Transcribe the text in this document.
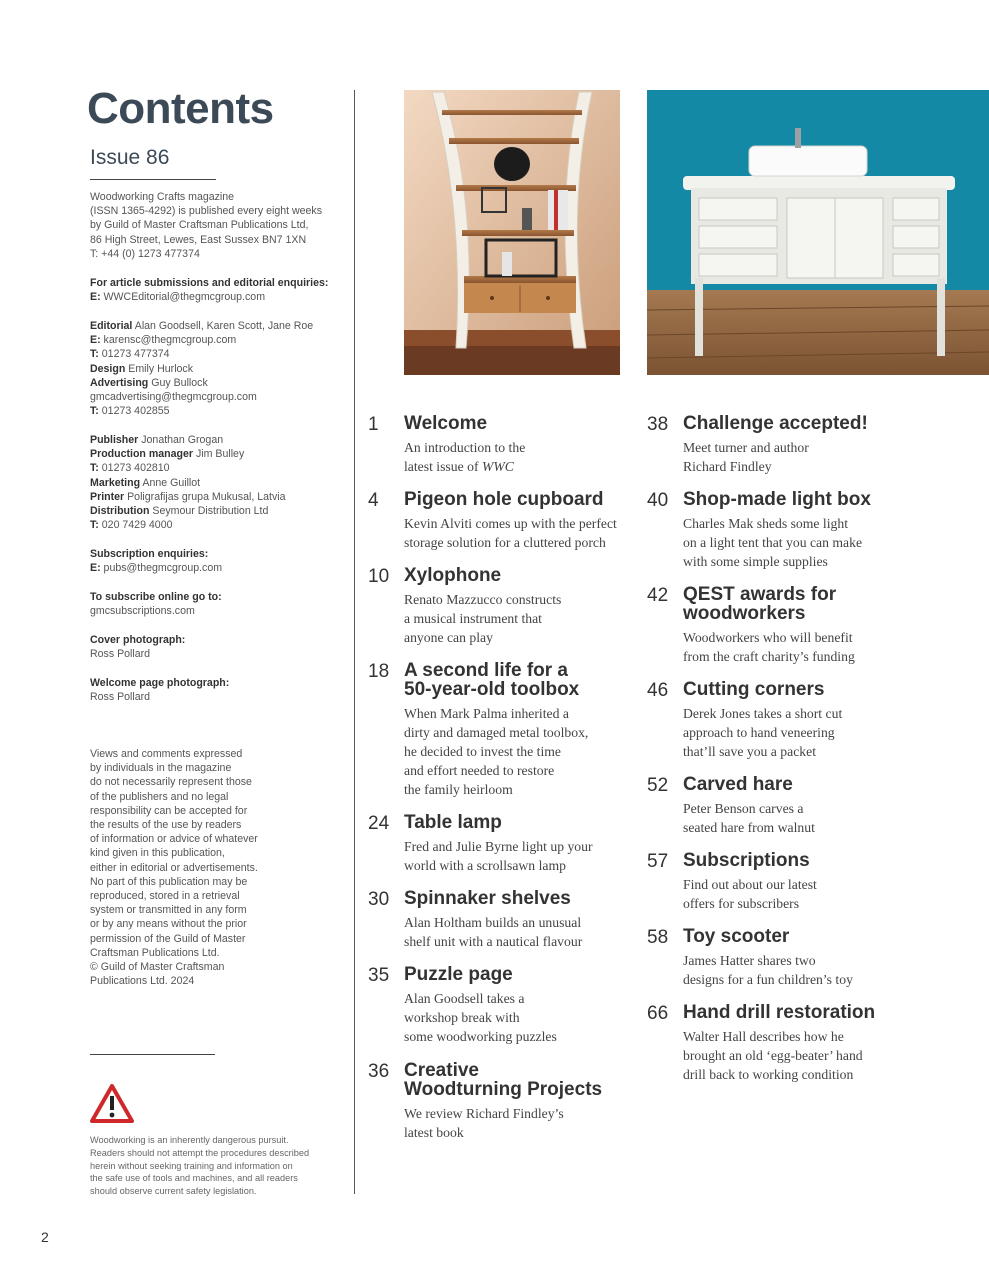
Contents
Issue 86
Woodworking Crafts magazine
(ISSN 1365-4292) is published every eight weeks
by Guild of Master Craftsman Publications Ltd,
86 High Street, Lewes, East Sussex BN7 1XN
T: +44 (0) 1273 477374
For article submissions and editorial enquiries:
E: WWCEditorial@thegmcgroup.com
Editorial Alan Goodsell, Karen Scott, Jane Roe
E: karensc@thegmcgroup.com
T: 01273 477374
Design Emily Hurlock
Advertising Guy Bullock
gmcadvertising@thegmcgroup.com
T: 01273 402855
Publisher Jonathan Grogan
Production manager Jim Bulley
T: 01273 402810
Marketing Anne Guillot
Printer Poligrafijas grupa Mukusal, Latvia
Distribution Seymour Distribution Ltd
T: 020 7429 4000
Subscription enquiries:
E: pubs@thegmcgroup.com
To subscribe online go to:
gmcsubscriptions.com
Cover photograph:
Ross Pollard
Welcome page photograph:
Ross Pollard
Views and comments expressed
by individuals in the magazine
do not necessarily represent those
of the publishers and no legal
responsibility can be accepted for
the results of the use by readers
of information or advice of whatever
kind given in this publication,
either in editorial or advertisements.
No part of this publication may be
reproduced, stored in a retrieval
system or transmitted in any form
or by any means without the prior
permission of the Guild of Master
Craftsman Publications Ltd.
© Guild of Master Craftsman
Publications Ltd. 2024
Woodworking is an inherently dangerous pursuit.
Readers should not attempt the procedures described
herein without seeking training and information on
the safe use of tools and machines, and all readers
should observe current safety legislation.
2
1 Welcome
An introduction to the
latest issue of WWC
4 Pigeon hole cupboard
Kevin Alviti comes up with the perfect
storage solution for a cluttered porch
10 Xylophone
Renato Mazzucco constructs
a musical instrument that
anyone can play
18 A second life for a
50-year-old toolbox
When Mark Palma inherited a
dirty and damaged metal toolbox,
he decided to invest the time
and effort needed to restore
the family heirloom
24 Table lamp
Fred and Julie Byrne light up your
world with a scrollsawn lamp
30 Spinnaker shelves
Alan Holtham builds an unusual
shelf unit with a nautical flavour
35 Puzzle page
Alan Goodsell takes a
workshop break with
some woodworking puzzles
36 Creative
Woodturning Projects
We review Richard Findley’s
latest book
38 Challenge accepted!
Meet turner and author
Richard Findley
40 Shop-made light box
Charles Mak sheds some light
on a light tent that you can make
with some simple supplies
42 QEST awards for
woodworkers
Woodworkers who will benefit
from the craft charity’s funding
46 Cutting corners
Derek Jones takes a short cut
approach to hand veneering
that’ll save you a packet
52 Carved hare
Peter Benson carves a
seated hare from walnut
57 Subscriptions
Find out about our latest
offers for subscribers
58 Toy scooter
James Hatter shares two
designs for a fun children’s toy
66 Hand drill restoration
Walter Hall describes how he
brought an old ‘egg-beater’ hand
drill back to working condition
